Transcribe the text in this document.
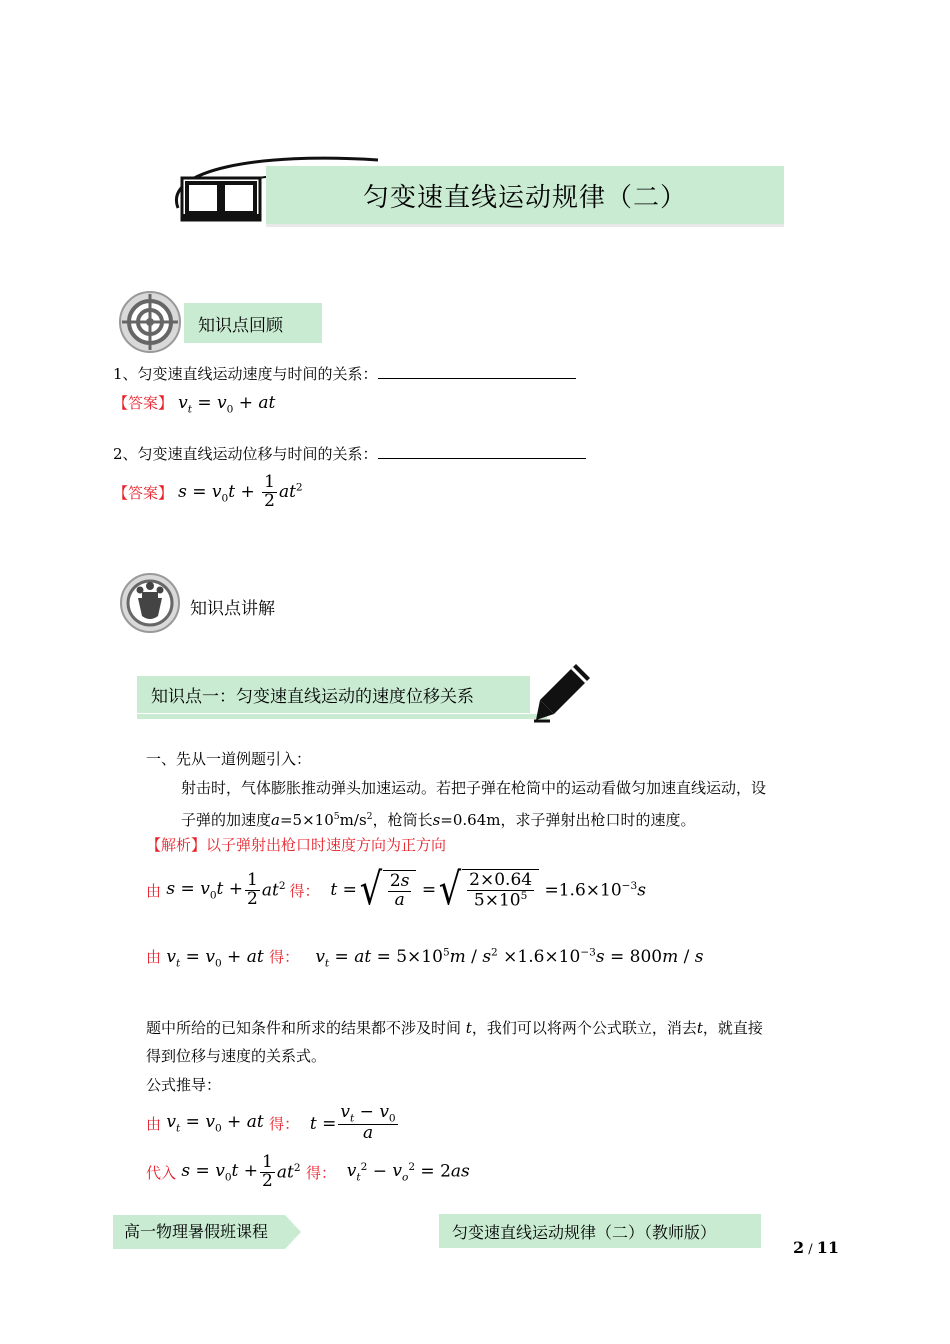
匀变速直线运动规律（二）
知识点回顾
1、匀变速直线运动速度与时间的关系：
【答案】 $v_t = v_0$ + at
2、匀变速直线运动位移与时间的关系：
【答案】 $s = v_0t + \frac{1}{2} at^2$
知识点讲解
知识点一：匀变速直线运动的速度位移关系
一、先从一道例题引入：
射击时，气体膨胀推动弹头加速运动。若把子弹在枪筒中的运动看做匀加速直线运动，设
子弹的加速度$a=5\times 10^5m/s^2$，枪筒长s=0.64m，求子弹射出枪口时的速度。
【解析】以子弹射出枪口时速度方向为正方向
由 $s = v_0t + \frac{1}{2} at^2$ 得： t = √ $\frac{2s}{a}$ = √ $\frac{2\times 0.64}{5\times 10^5} =1.6\times 10^{-3}s$
由 $v_t = v_0$ + at 得： $v_t$ = at = $5\times 10^5m / s^2 \times 1.6\times 10^{-3}s = 800m / s$
题中所给的已知条件和所求的结果都不涉及时间 t，我们可以将两个公式联立，消去t，就直接
得到位移与速度的关系式。
公式推导：
由 $v_t = v_0$ + at 得： $t = \frac{v_t - v_0}{a}$
代入 $s = v_0t + \frac{1}{2} at^2$ 得： $v_t^2 - v_o^2 = 2as$
高一物理暑假班课程	匀变速直线运动规律（二）（教师版）
2 / 11
